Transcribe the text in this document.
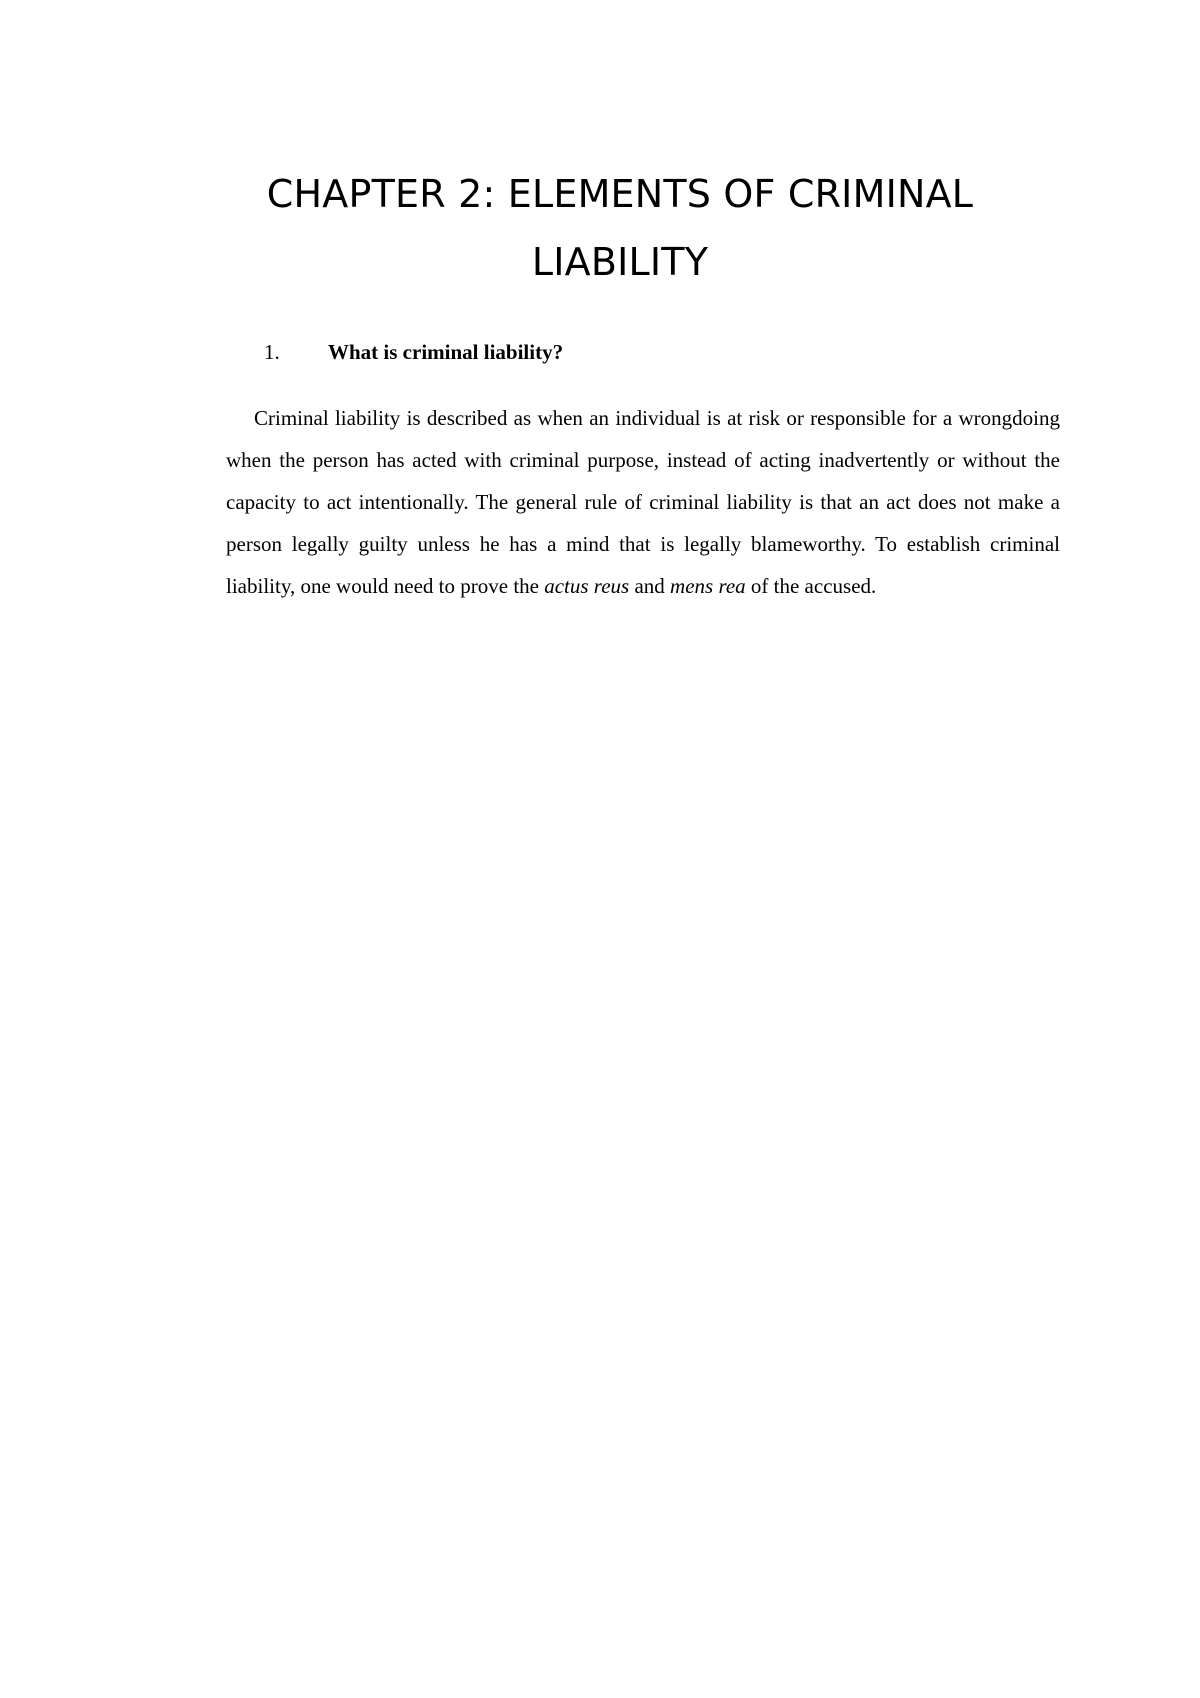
CHAPTER 2: ELEMENTS OF CRIMINAL LIABILITY
1. What is criminal liability?

Criminal liability is described as when an individual is at risk or responsible for a wrongdoing when the person has acted with criminal purpose, instead of acting inadvertently or without the capacity to act intentionally. The general rule of criminal liability is that an act does not make a person legally guilty unless he has a mind that is legally blameworthy. To establish criminal liability, one would need to prove the actus reus and mens rea of the accused.
